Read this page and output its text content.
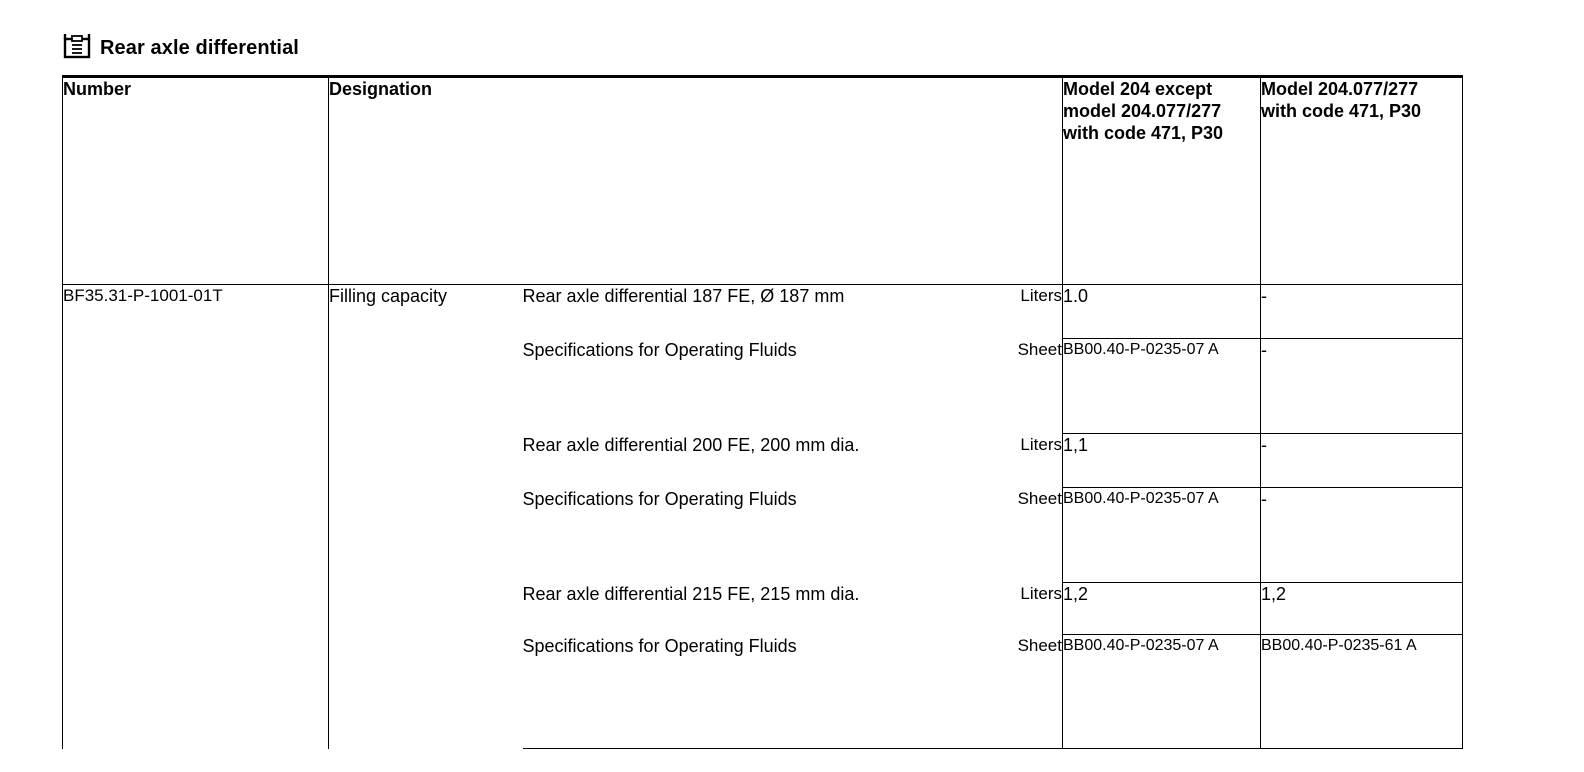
Rear axle differential
Number	Designation			Model 204 except model 204.077/277 with code 471, P30	Model 204.077/277 with code 471, P30

BF35.31-P-1001-01T	Filling capacity	Rear axle differential 187 FE, Ø 187 mm	Liters	1.0	-
		Specifications for Operating Fluids	Sheet	BB00.40-P-0235-07 A	-
		Rear axle differential 200 FE, 200 mm dia.	Liters	1,1	-
		Specifications for Operating Fluids	Sheet	BB00.40-P-0235-07 A	-
		Rear axle differential 215 FE, 215 mm dia.	Liters	1,2	1,2
		Specifications for Operating Fluids	Sheet	BB00.40-P-0235-07 A	BB00.40-P-0235-61 A
